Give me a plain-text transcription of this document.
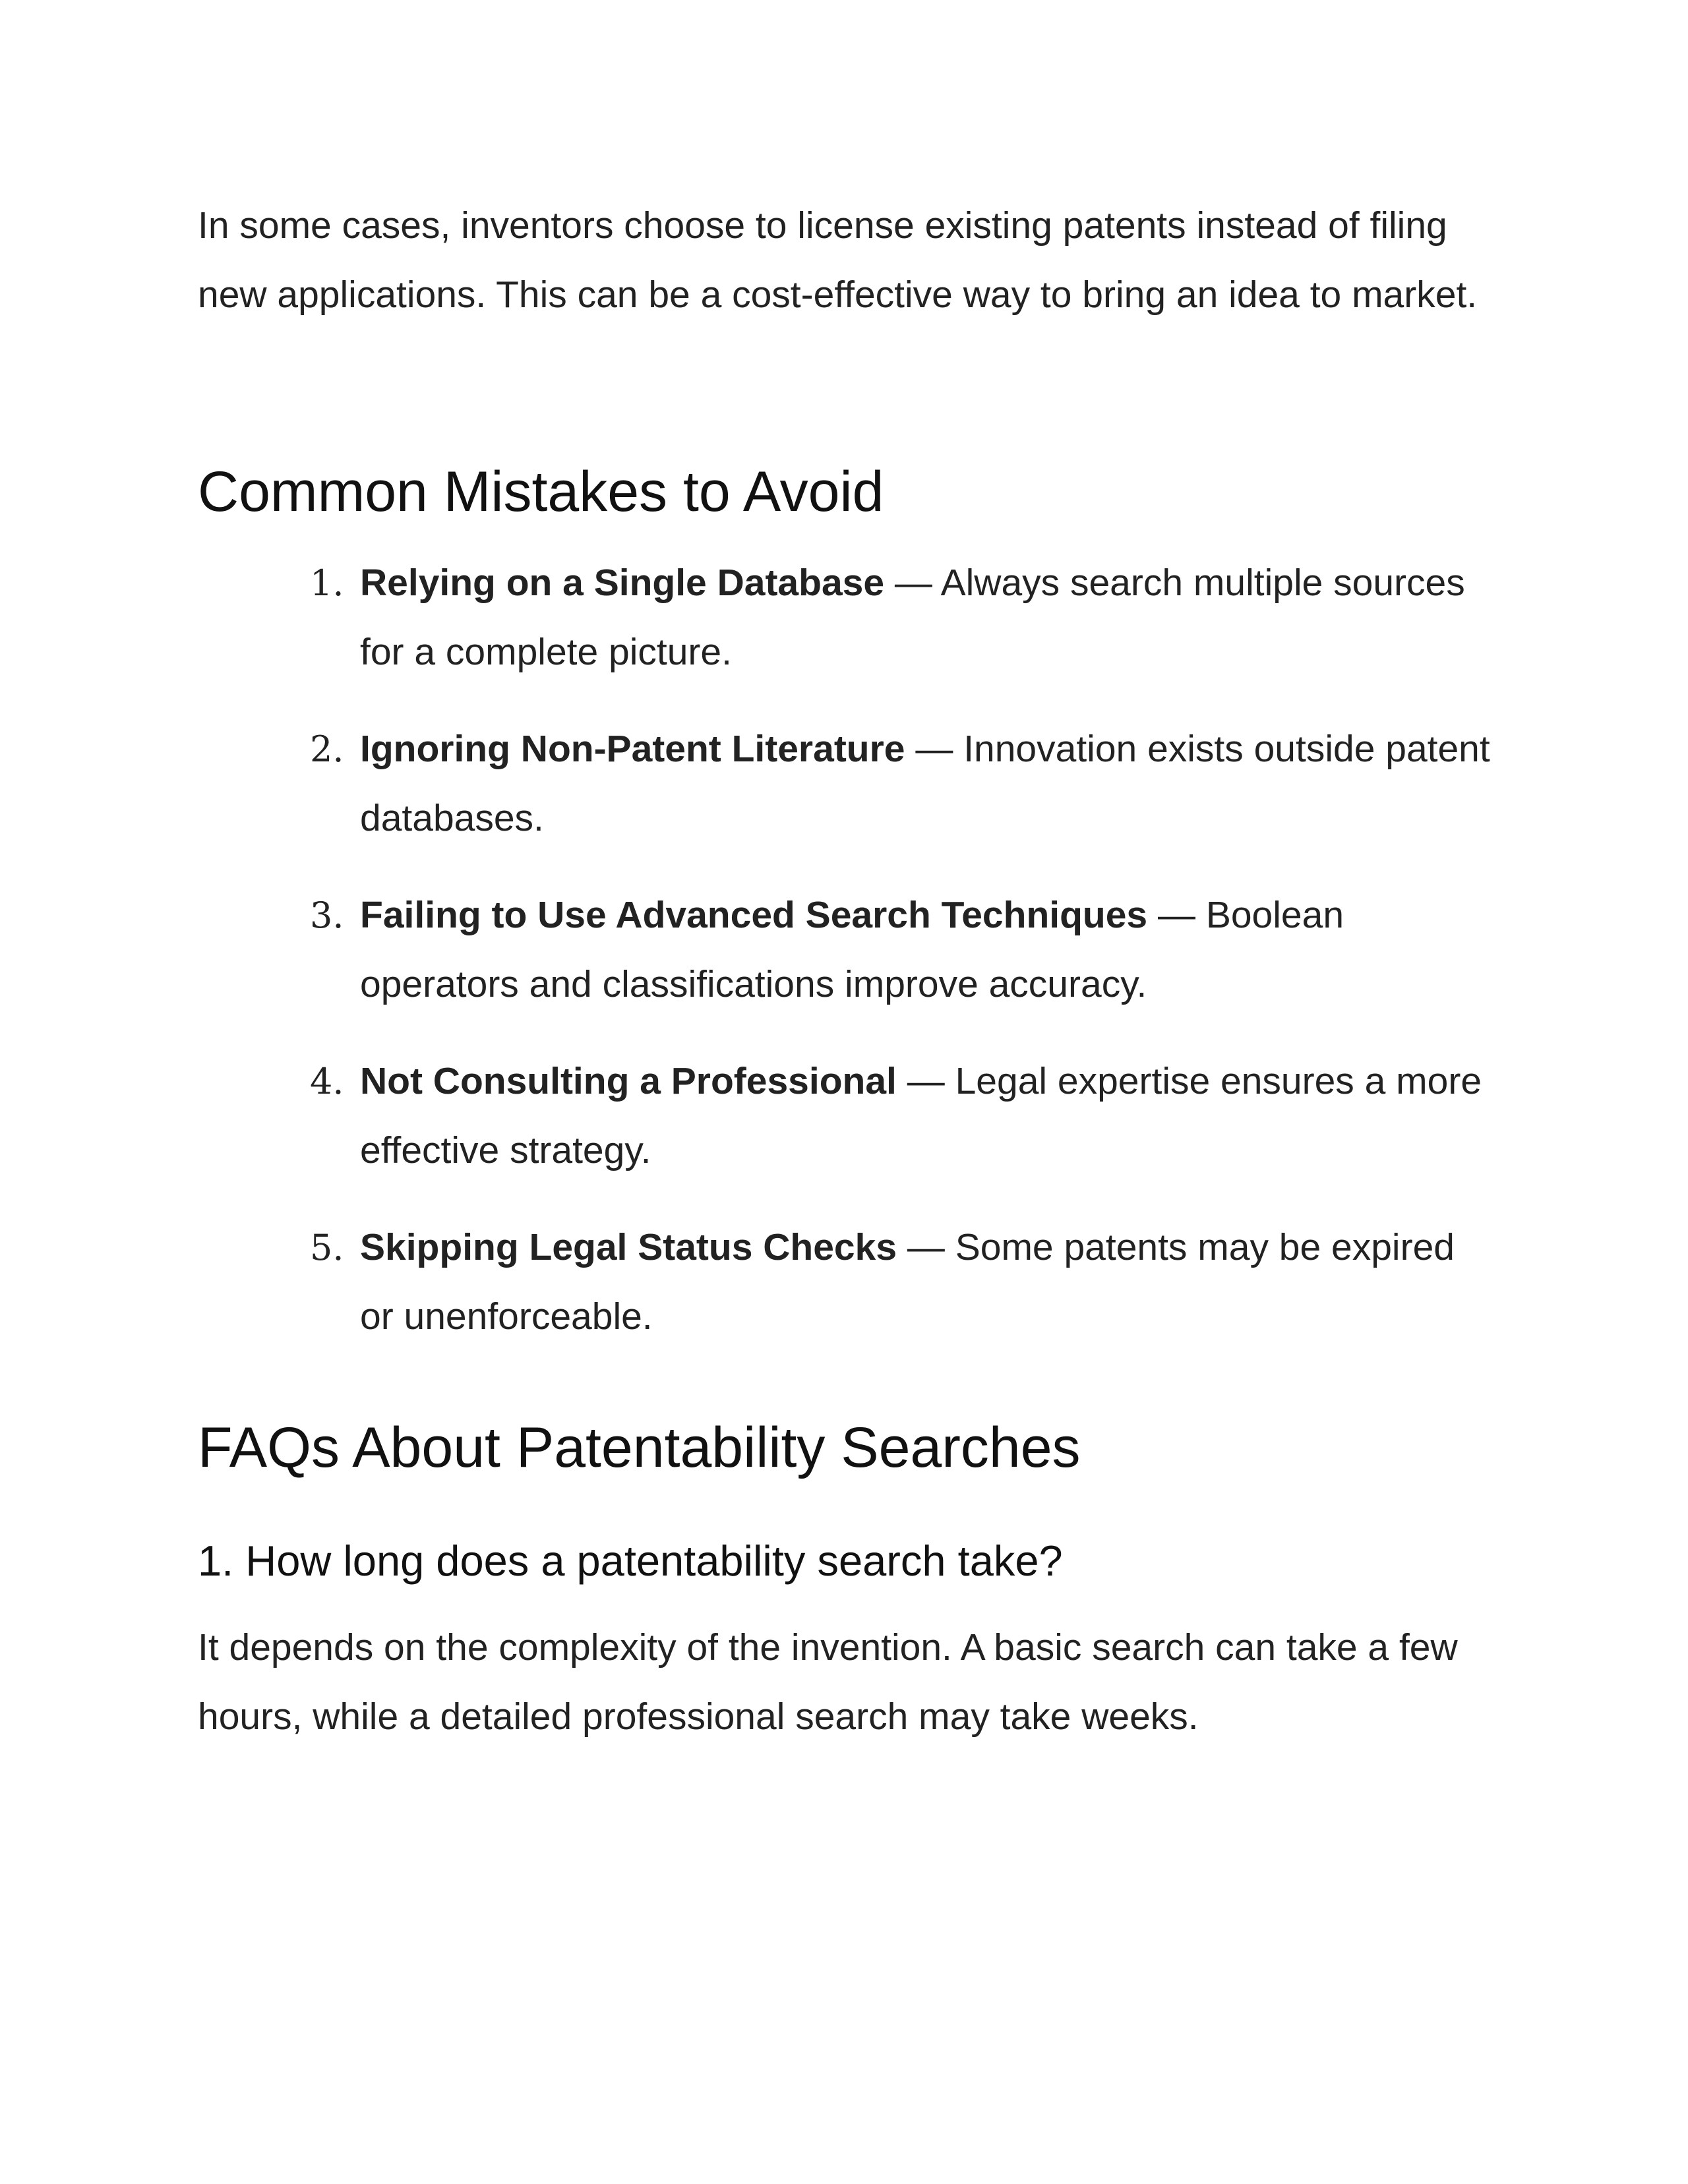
In some cases, inventors choose to license existing patents instead of filing new applications. This can be a cost-effective way to bring an idea to market.

Common Mistakes to Avoid
1. Relying on a Single Database — Always search multiple sources for a complete picture.
2. Ignoring Non-Patent Literature — Innovation exists outside patent databases.
3. Failing to Use Advanced Search Techniques — Boolean operators and classifications improve accuracy.
4. Not Consulting a Professional — Legal expertise ensures a more effective strategy.
5. Skipping Legal Status Checks — Some patents may be expired or unenforceable.
FAQs About Patentability Searches
1. How long does a patentability search take?

It depends on the complexity of the invention. A basic search can take a few hours, while a detailed professional search may take weeks.
